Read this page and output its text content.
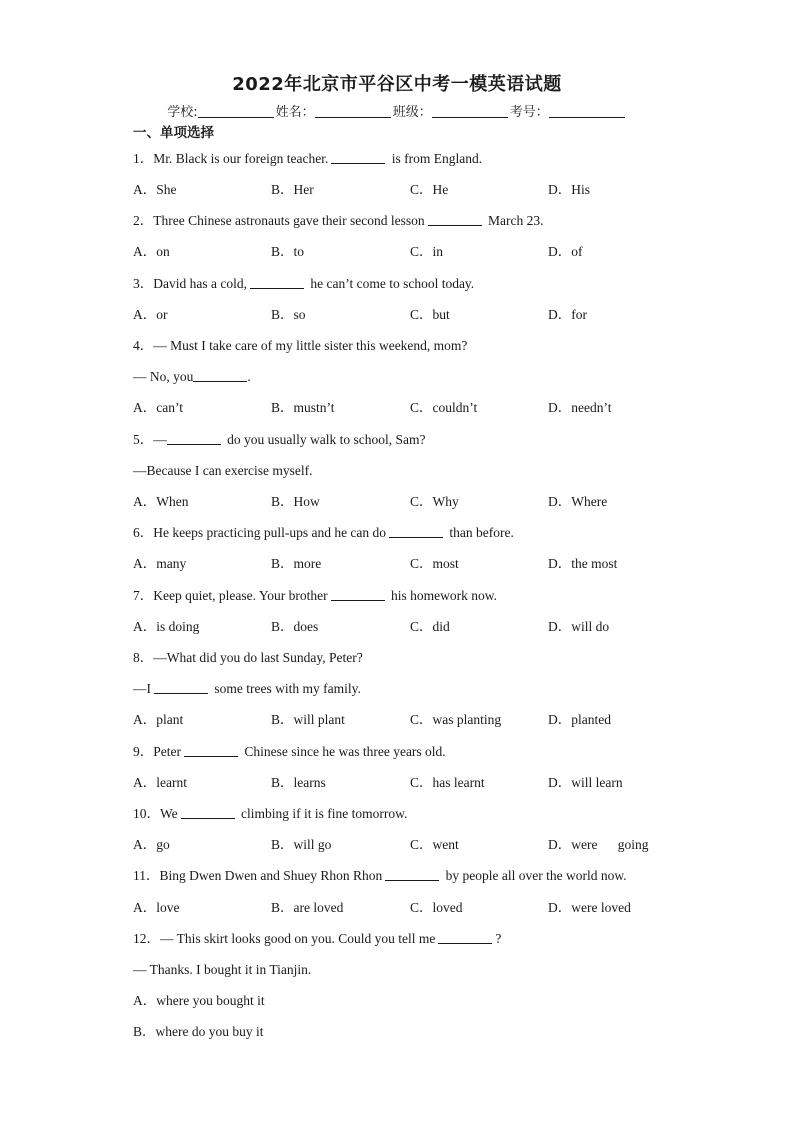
2022年北京市平谷区中考一模英语试题
学校:	姓名：	班级：	考号：
一、单项选择
1．Mr. Black is our foreign teacher.	is from England.
A．She	B．Her	C．He	D．His
2．Three Chinese astronauts gave their second lesson	March 23.
A．on	B．to	C．in	D．of
3．David has a cold,	he can’t come to school today.
A．or	B．so	C．but	D．for
4．— Must I take care of my little sister this weekend, mom?
— No, you	.
A．can’t	B．mustn’t	C．couldn’t	D．needn’t
5．—	do you usually walk to school, Sam?
—Because I can exercise myself.
A．When	B．How	C．Why	D．Where
6．He keeps practicing pull-ups and he can do	than before.
A．many	B．more	C．most	D．the most
7．Keep quiet, please. Your brother	his homework now.
A．is doing	B．does	C．did	D．will do
8．—What did you do last Sunday, Peter?
—I	some trees with my family.
A．plant	B．will plant	C．was planting	D．planted
9．Peter	Chinese since he was three years old.
A．learnt	B．learns	C．has learnt	D．will learn
10．We	climbing if it is fine tomorrow.
A．go	B．will go	C．went	D．were      going
11．Bing Dwen Dwen and Shuey Rhon Rhon	by people all over the world now.
A．love	B．are loved	C．loved	D．were loved
12．— This skirt looks good on you. Could you tell me	?
— Thanks. I bought it in Tianjin.
A．where you bought it
B．where do you buy it
